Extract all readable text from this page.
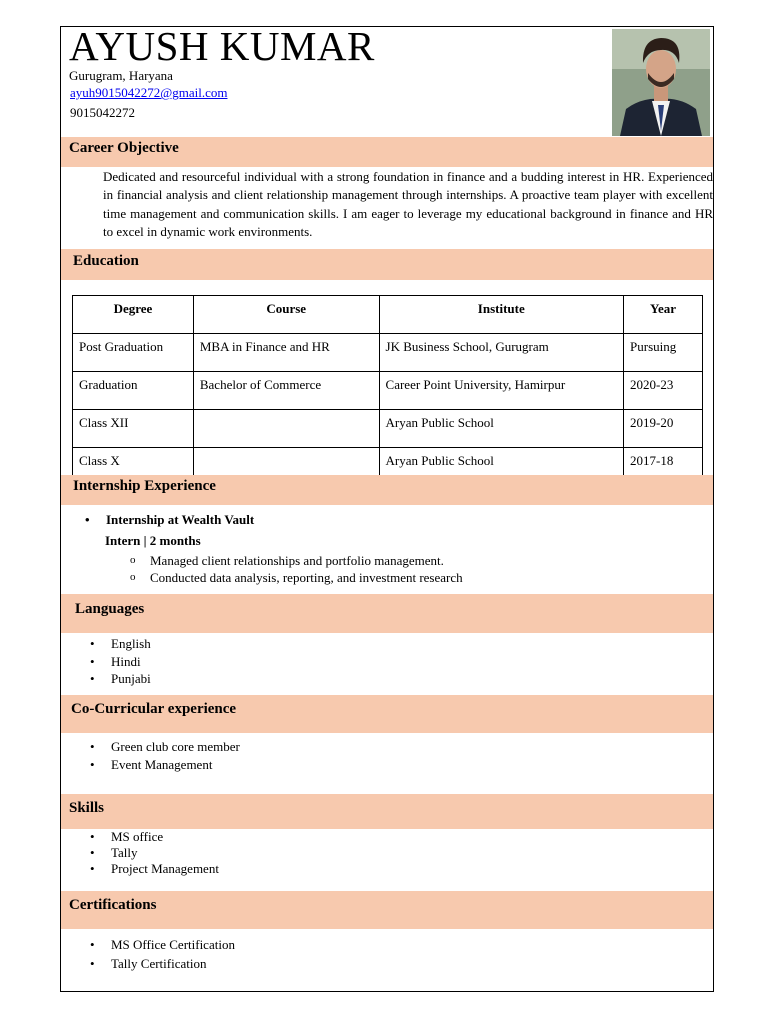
AYUSH KUMAR
Gurugram, Haryana
ayuh9015042272@gmail.com
9015042272
Career Objective
Dedicated and resourceful individual with a strong foundation in finance and a budding interest in HR. Experienced in financial analysis and client relationship management through internships. A proactive team player with excellent time management and communication skills. I am eager to leverage my educational background in finance and HR to excel in dynamic work environments.
Education
Degree	Course	Institute	Year
Post Graduation	MBA in Finance and HR	JK Business School, Gurugram	Pursuing
Graduation	Bachelor of Commerce	Career Point University, Hamirpur	2020-23
Class XII		Aryan Public School	2019-20
Class X		Aryan Public School	2017-18
Internship Experience
• Internship at Wealth Vault
Intern | 2 months
o Managed client relationships and portfolio management.
o Conducted data analysis, reporting, and investment research
Languages
• English
• Hindi
• Punjabi
Co-Curricular experience
• Green club core member
• Event Management
Skills
• MS office
• Tally
• Project Management
Certifications
• MS Office Certification
• Tally Certification
